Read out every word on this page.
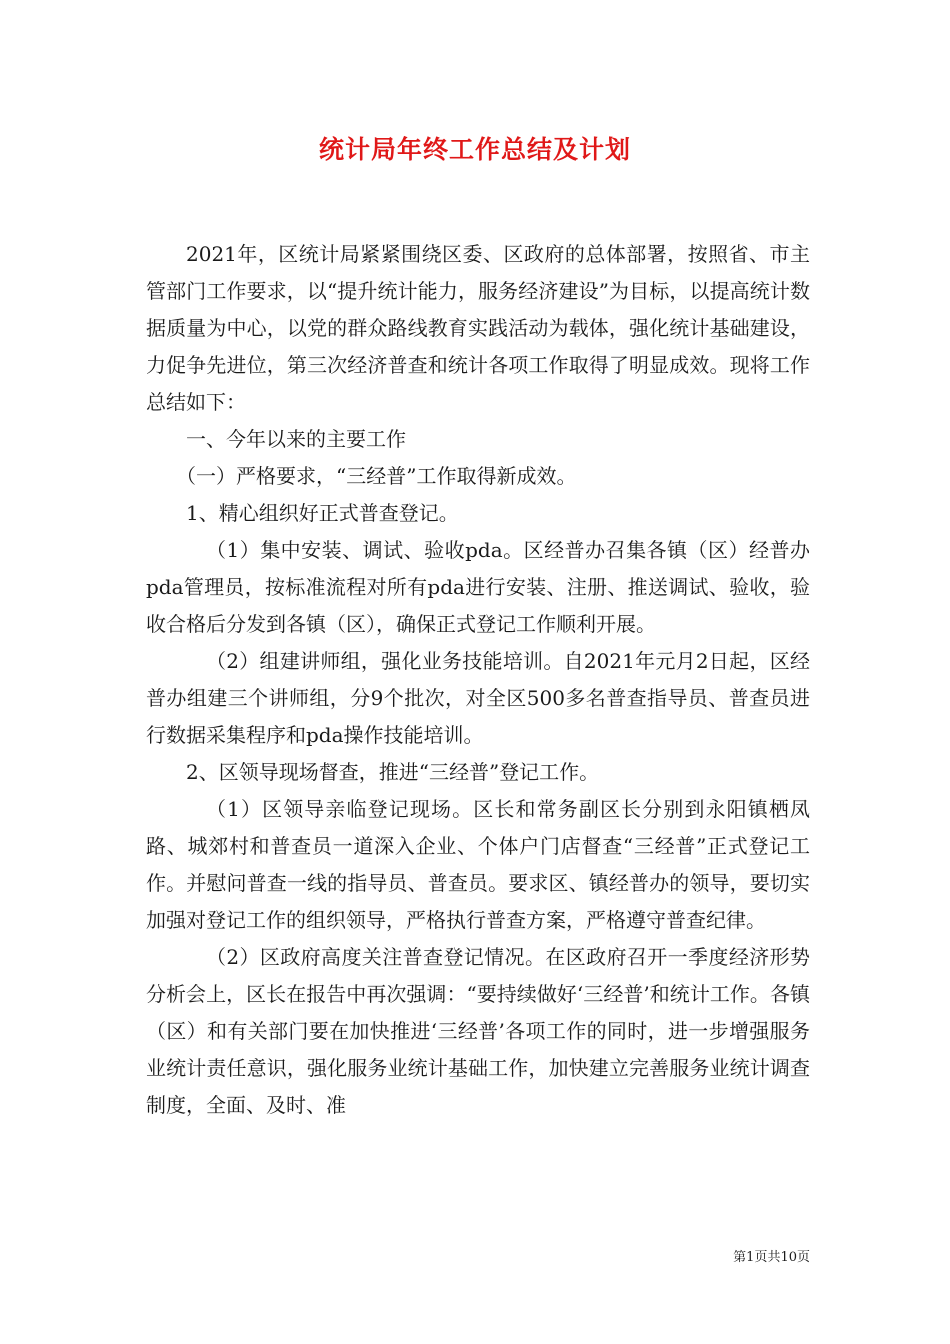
统计局年终工作总结及计划

2021年，区统计局紧紧围绕区委、区政府的总体部署，按照省、市主管部门工作要求，以“提升统计能力，服务经济建设”为目标，以提高统计数据质量为中心，以党的群众路线教育实践活动为载体，强化统计基础建设，力促争先进位，第三次经济普查和统计各项工作取得了明显成效。现将工作总结如下：

一、今年以来的主要工作

（一）严格要求，“三经普”工作取得新成效。

1、精心组织好正式普查登记。

（1）集中安装、调试、验收pda。区经普办召集各镇（区）经普办pda管理员，按标准流程对所有pda进行安装、注册、推送调试、验收，验收合格后分发到各镇（区），确保正式登记工作顺利开展。

（2）组建讲师组，强化业务技能培训。自2021年元月2日起，区经普办组建三个讲师组，分9个批次，对全区500多名普查指导员、普查员进行数据采集程序和pda操作技能培训。

2、区领导现场督查，推进“三经普”登记工作。

（1）区领导亲临登记现场。区长和常务副区长分别到永阳镇栖凤路、城郊村和普查员一道深入企业、个体户门店督查“三经普”正式登记工作。并慰问普查一线的指导员、普查员。要求区、镇经普办的领导，要切实加强对登记工作的组织领导，严格执行普查方案，严格遵守普查纪律。

（2）区政府高度关注普查登记情况。在区政府召开一季度经济形势分析会上，区长在报告中再次强调：“要持续做好‘三经普’和统计工作。各镇（区）和有关部门要在加快推进‘三经普’各项工作的同时，进一步增强服务业统计责任意识，强化服务业统计基础工作，加快建立完善服务业统计调查制度，全面、及时、准

第1页共10页
